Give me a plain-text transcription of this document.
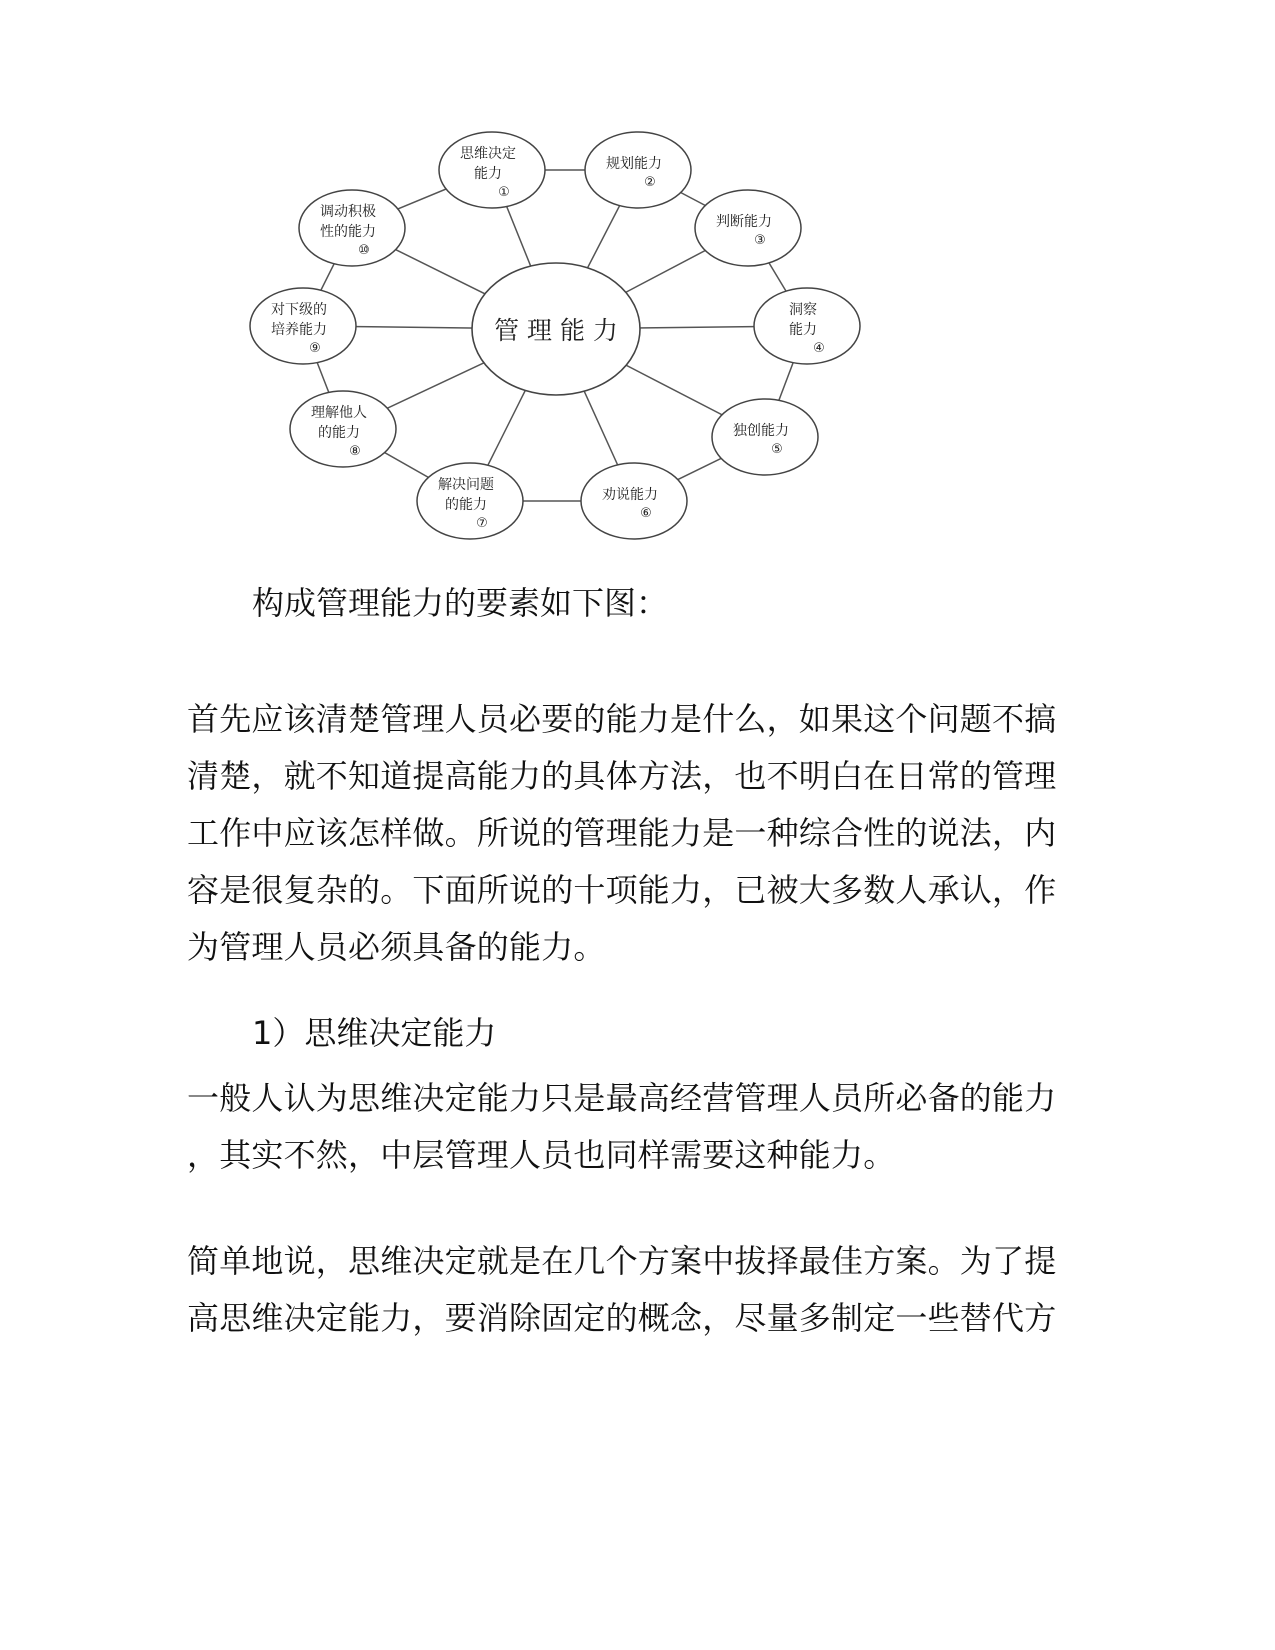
管 理 能 力
思维决定
能力
①
规划能力
②
判断能力
③
洞察
能力
④
独创能力
⑤
劝说能力
⑥
解决问题
的能力
⑦
理解他人
的能力
⑧
对下级的
培养能力
⑨
调动积极
性的能力
⑩
构成管理能力的要素如下图：
首先应该清楚管理人员必要的能力是什么，如果这个问题不搞
清楚，就不知道提高能力的具体方法，也不明白在日常的管理
工作中应该怎样做。所说的管理能力是一种综合性的说法，内
容是很复杂的。下面所说的十项能力，已被大多数人承认，作
为管理人员必须具备的能力。
1）思维决定能力
一般人认为思维决定能力只是最高经营管理人员所必备的能力
，其实不然，中层管理人员也同样需要这种能力。
简单地说，思维决定就是在几个方案中拔择最佳方案。为了提
高思维决定能力，要消除固定的概念，尽量多制定一些替代方
